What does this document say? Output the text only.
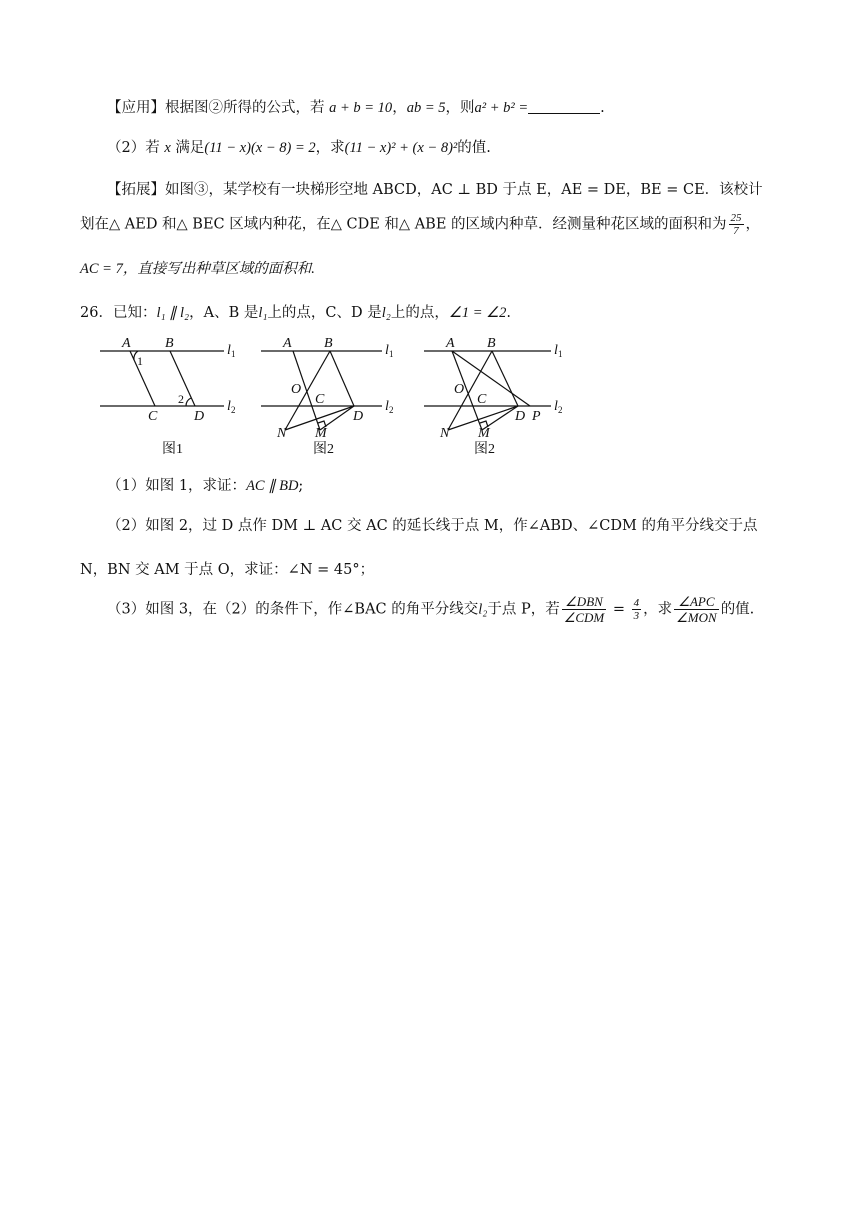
【应用】根据图②所得的公式，若 a + b = 10，ab = 5，则a² + b² =	.
（2）若 x 满足(11 − x)(x − 8) = 2，求(11 − x)² + (x − 8)²的值.
【拓展】如图③，某学校有一块梯形空地 ABCD，AC ⊥ BD 于点 E，AE = DE，BE = CE．该校计
划在△ AED 和△ BEC 区域内种花，在△ CDE 和△ ABE 的区域内种草．经测量种花区域的面积和为 $\frac{25}{7}$ ，
AC = 7，直接写出种草区域的面积和.
26．已知：l₁ ∥ l₂，A、B 是l₁上的点，C、D 是l₂上的点，∠1 = ∠2.
A B
C	D
1
2
l 1
l 2
图1
A B
O
C
D
N M
l 1
l 2
图2
A B
O
C
D P
N M
l 1
l 2
图2
（1）如图 1，求证：AC ∥ BD;
（2）如图 2，过 D 点作 DM ⊥ AC 交 AC 的延长线于点 M，作∠ABD、∠CDM 的角平分线交于点
N，BN 交 AM 于点 O，求证：∠N = 45°；
（3）如图 3，在（2）的条件下，作∠BAC 的角平分线交l₂于点 P，若 $\frac{\text{∠DBN}}{\text{∠CDM}} = \frac{4}{3}$ ，求 $\frac{\text{∠APC}}{\text{∠MON}}$ 的值.
